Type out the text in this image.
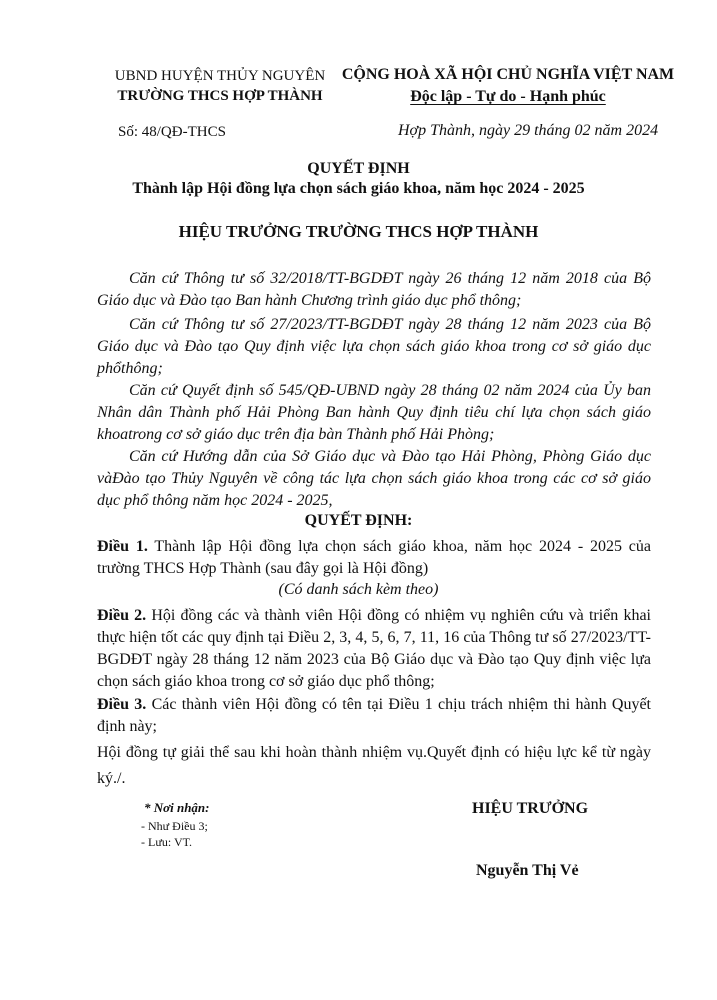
UBND HUYỆN THỦY NGUYÊN
TRƯỜNG THCS HỢP THÀNH
CỘNG HOÀ XÃ HỘI CHỦ NGHĨA VIỆT NAM
Độc lập - Tự do - Hạnh phúc
Số: 48/QĐ-THCS	Hợp Thành, ngày 29 tháng 02 năm 2024
QUYẾT ĐỊNH
Thành lập Hội đồng lựa chọn sách giáo khoa, năm học 2024 - 2025
HIỆU TRƯỞNG TRƯỜNG THCS HỢP THÀNH
Căn cứ Thông tư số 32/2018/TT-BGDĐT ngày 26 tháng 12 năm 2018 của Bộ Giáo dục và Đào tạo Ban hành Chương trình giáo dục phổ thông;
Căn cứ Thông tư số 27/2023/TT-BGDĐT ngày 28 tháng 12 năm 2023 của Bộ Giáo dục và Đào tạo Quy định việc lựa chọn sách giáo khoa trong cơ sở giáo dục phổthông;
Căn cứ Quyết định số 545/QĐ-UBND ngày 28 tháng 02 năm 2024 của Ủy ban Nhân dân Thành phố Hải Phòng Ban hành Quy định tiêu chí lựa chọn sách giáo khoatrong cơ sở giáo dục trên địa bàn Thành phố Hải Phòng;
Căn cứ Hướng dẫn của Sở Giáo dục và Đào tạo Hải Phòng, Phòng Giáo dục vàĐào tạo Thủy Nguyên về công tác lựa chọn sách giáo khoa trong các cơ sở giáo dục phổ thông năm học 2024 - 2025,
QUYẾT ĐỊNH:
Điều 1. Thành lập Hội đồng lựa chọn sách giáo khoa, năm học 2024 - 2025 của trường THCS Hợp Thành (sau đây gọi là Hội đồng)
(Có danh sách kèm theo)
Điều 2. Hội đồng các và thành viên Hội đồng có nhiệm vụ nghiên cứu và triển khai thực hiện tốt các quy định tại Điều 2, 3, 4, 5, 6, 7, 11, 16 của Thông tư số 27/2023/TT-BGDĐT ngày 28 tháng 12 năm 2023 của Bộ Giáo dục và Đào tạo Quy định việc lựa chọn sách giáo khoa trong cơ sở giáo dục phổ thông;
Điều 3. Các thành viên Hội đồng có tên tại Điều 1 chịu trách nhiệm thi hành Quyết định này;
Hội đồng tự giải thể sau khi hoàn thành nhiệm vụ.Quyết định có hiệu lực kể từ ngày ký./.
* Nơi nhận:
- Như Điều 3;
- Lưu: VT.
HIỆU TRƯỞNG
Nguyễn Thị Vẻ
